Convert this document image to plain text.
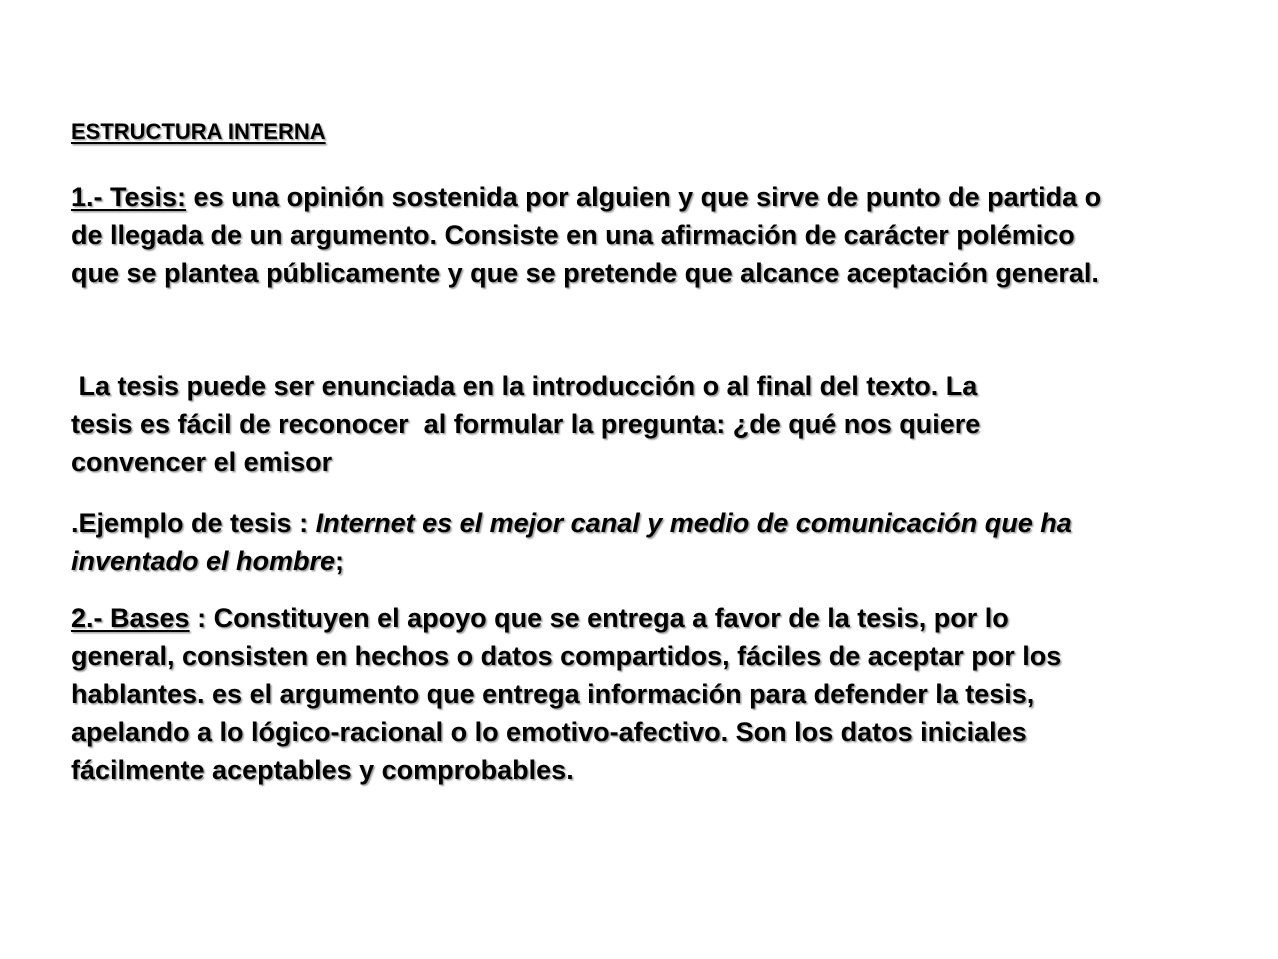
ESTRUCTURA INTERNA
1.- Tesis: es una opinión sostenida por alguien y que sirve de punto de partida o
de llegada de un argumento. Consiste en una afirmación de carácter polémico
que se plantea públicamente y que se pretende que alcance aceptación general.
La tesis puede ser enunciada en la introducción o al final del texto. La
tesis es fácil de reconocer  al formular la pregunta: ¿de qué nos quiere
convencer el emisor
.Ejemplo de tesis : Internet es el mejor canal y medio de comunicación que ha
inventado el hombre;
2.- Bases : Constituyen el apoyo que se entrega a favor de la tesis, por lo
general, consisten en hechos o datos compartidos, fáciles de aceptar por los
hablantes. es el argumento que entrega información para defender la tesis,
apelando a lo lógico-racional o lo emotivo-afectivo. Son los datos iniciales
fácilmente aceptables y comprobables.
